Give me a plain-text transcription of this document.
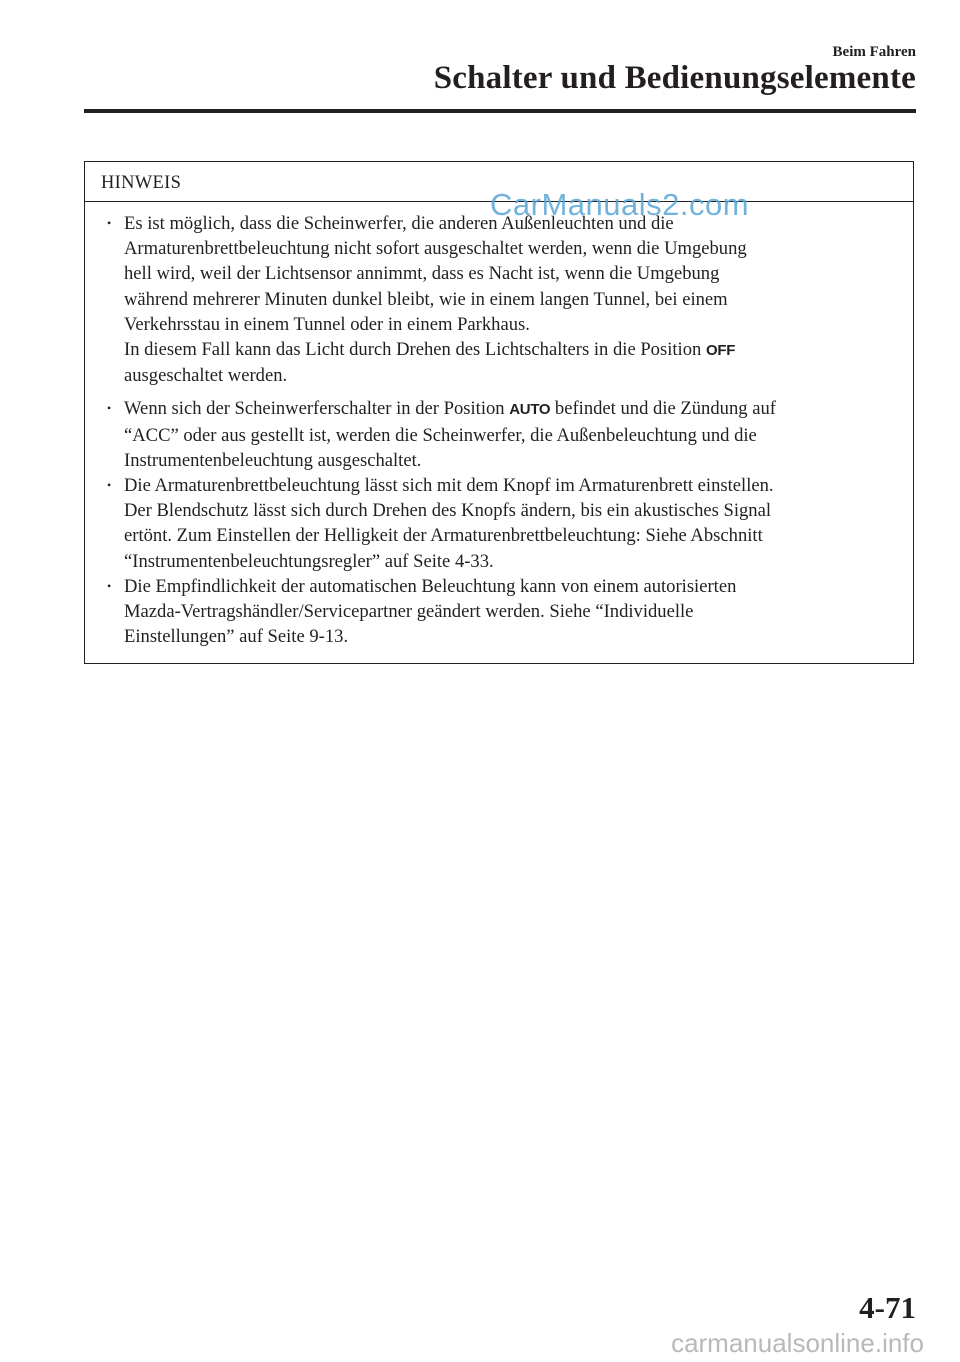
Beim Fahren
Schalter und Bedienungselemente
HINWEIS
• Es ist möglich, dass die Scheinwerfer, die anderen Außenleuchten und die
Armaturenbrettbeleuchtung nicht sofort ausgeschaltet werden, wenn die Umgebung
hell wird, weil der Lichtsensor annimmt, dass es Nacht ist, wenn die Umgebung
während mehrerer Minuten dunkel bleibt, wie in einem langen Tunnel, bei einem
Verkehrsstau in einem Tunnel oder in einem Parkhaus.
In diesem Fall kann das Licht durch Drehen des Lichtschalters in die Position OFF
ausgeschaltet werden.
• Wenn sich der Scheinwerferschalter in der Position AUTO befindet und die Zündung auf
“ACC” oder aus gestellt ist, werden die Scheinwerfer, die Außenbeleuchtung und die
Instrumentenbeleuchtung ausgeschaltet.
• Die Armaturenbrettbeleuchtung lässt sich mit dem Knopf im Armaturenbrett einstellen.
Der Blendschutz lässt sich durch Drehen des Knopfs ändern, bis ein akustisches Signal
ertönt. Zum Einstellen der Helligkeit der Armaturenbrettbeleuchtung: Siehe Abschnitt
“Instrumentenbeleuchtungsregler” auf Seite 4-33.
• Die Empfindlichkeit der automatischen Beleuchtung kann von einem autorisierten
Mazda-Vertragshändler/Servicepartner geändert werden. Siehe “Individuelle
Einstellungen” auf Seite 9-13.
CarManuals2.com
4-71
carmanualsonline.info
